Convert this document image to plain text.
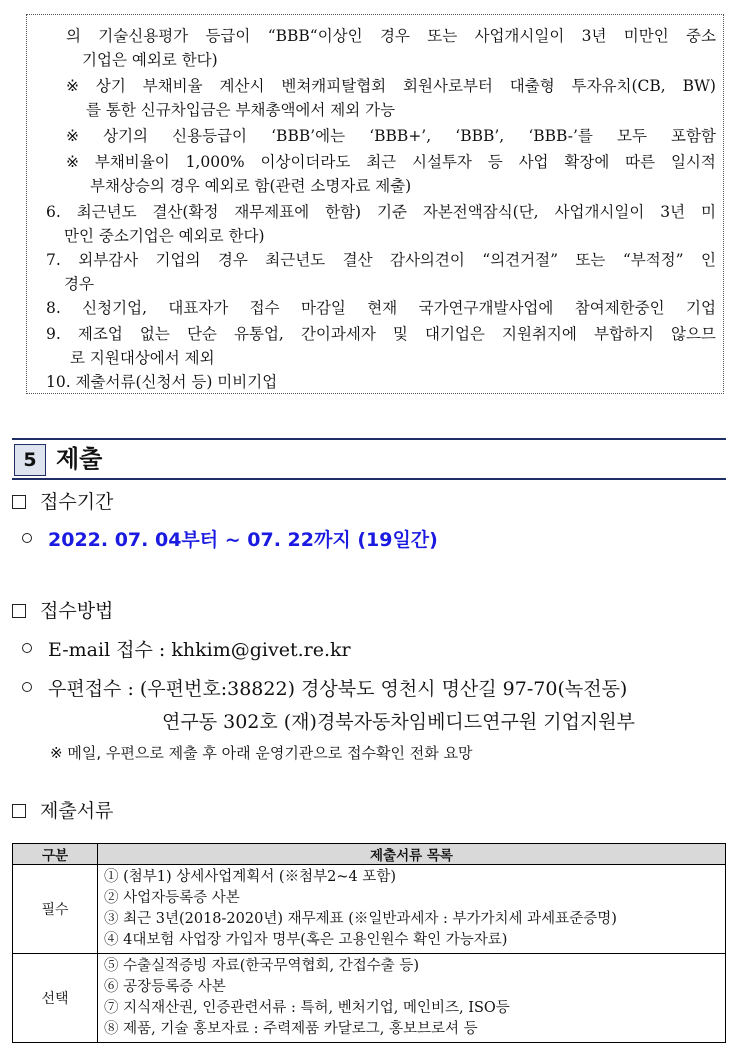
의 기술신용평가 등급이 “BBB“이상인 경우 또는 사업개시일이 3년 미만인 중소
기업은 예외로 한다)
※ 상기 부채비율 계산시 벤쳐캐피탈협회 회원사로부터 대출형 투자유치(CB, BW)
를 통한 신규차입금은 부채총액에서 제외 가능
※ 상기의 신용등급이 ‘BBB’에는 ‘BBB+’, ‘BBB’, ‘BBB-’를 모두 포함함
※ 부채비율이 1,000% 이상이더라도 최근 시설투자 등 사업 확장에 따른 일시적
부채상승의 경우 예외로 함(관련 소명자료 제출)
6. 최근년도 결산(확정 재무제표에 한함) 기준 자본전액잠식(단, 사업개시일이 3년 미
만인 중소기업은 예외로 한다)
7. 외부감사 기업의 경우 최근년도 결산 감사의견이 “의견거절” 또는 “부적정” 인
경우
8. 신청기업, 대표자가 접수 마감일 현재 국가연구개발사업에 참여제한중인 기업
9. 제조업 없는 단순 유통업, 간이과세자 및 대기업은 지원취지에 부합하지 않으므
로 지원대상에서 제외
10. 제출서류(신청서 등) 미비기업
5 제출
접수기간
2022. 07. 04부터 ~ 07. 22까지 (19일간)
접수방법
E-mail 접수 : khkim@givet.re.kr
우편접수 : (우편번호:38822) 경상북도 영천시 명산길 97-70(녹전동)
연구동 302호 (재)경북자동차임베디드연구원 기업지원부
※ 메일, 우편으로 제출 후 아래 운영기관으로 접수확인 전화 요망
제출서류
구분	제출서류 목록
필수	① (첨부1) 상세사업계획서 (※첨부2~4 포함)
② 사업자등록증 사본
③ 최근 3년(2018-2020년) 재무제표 (※일반과세자 : 부가가치세 과세표준증명)
④ 4대보험 사업장 가입자 명부(혹은 고용인원수 확인 가능자료)

선택	⑤ 수출실적증빙 자료(한국무역협회, 간접수출 등)
⑥ 공장등록증 사본
⑦ 지식재산권, 인증관련서류 : 특허, 벤처기업, 메인비즈, ISO등
⑧ 제품, 기술 홍보자료 : 주력제품 카달로그, 홍보브로셔 등
